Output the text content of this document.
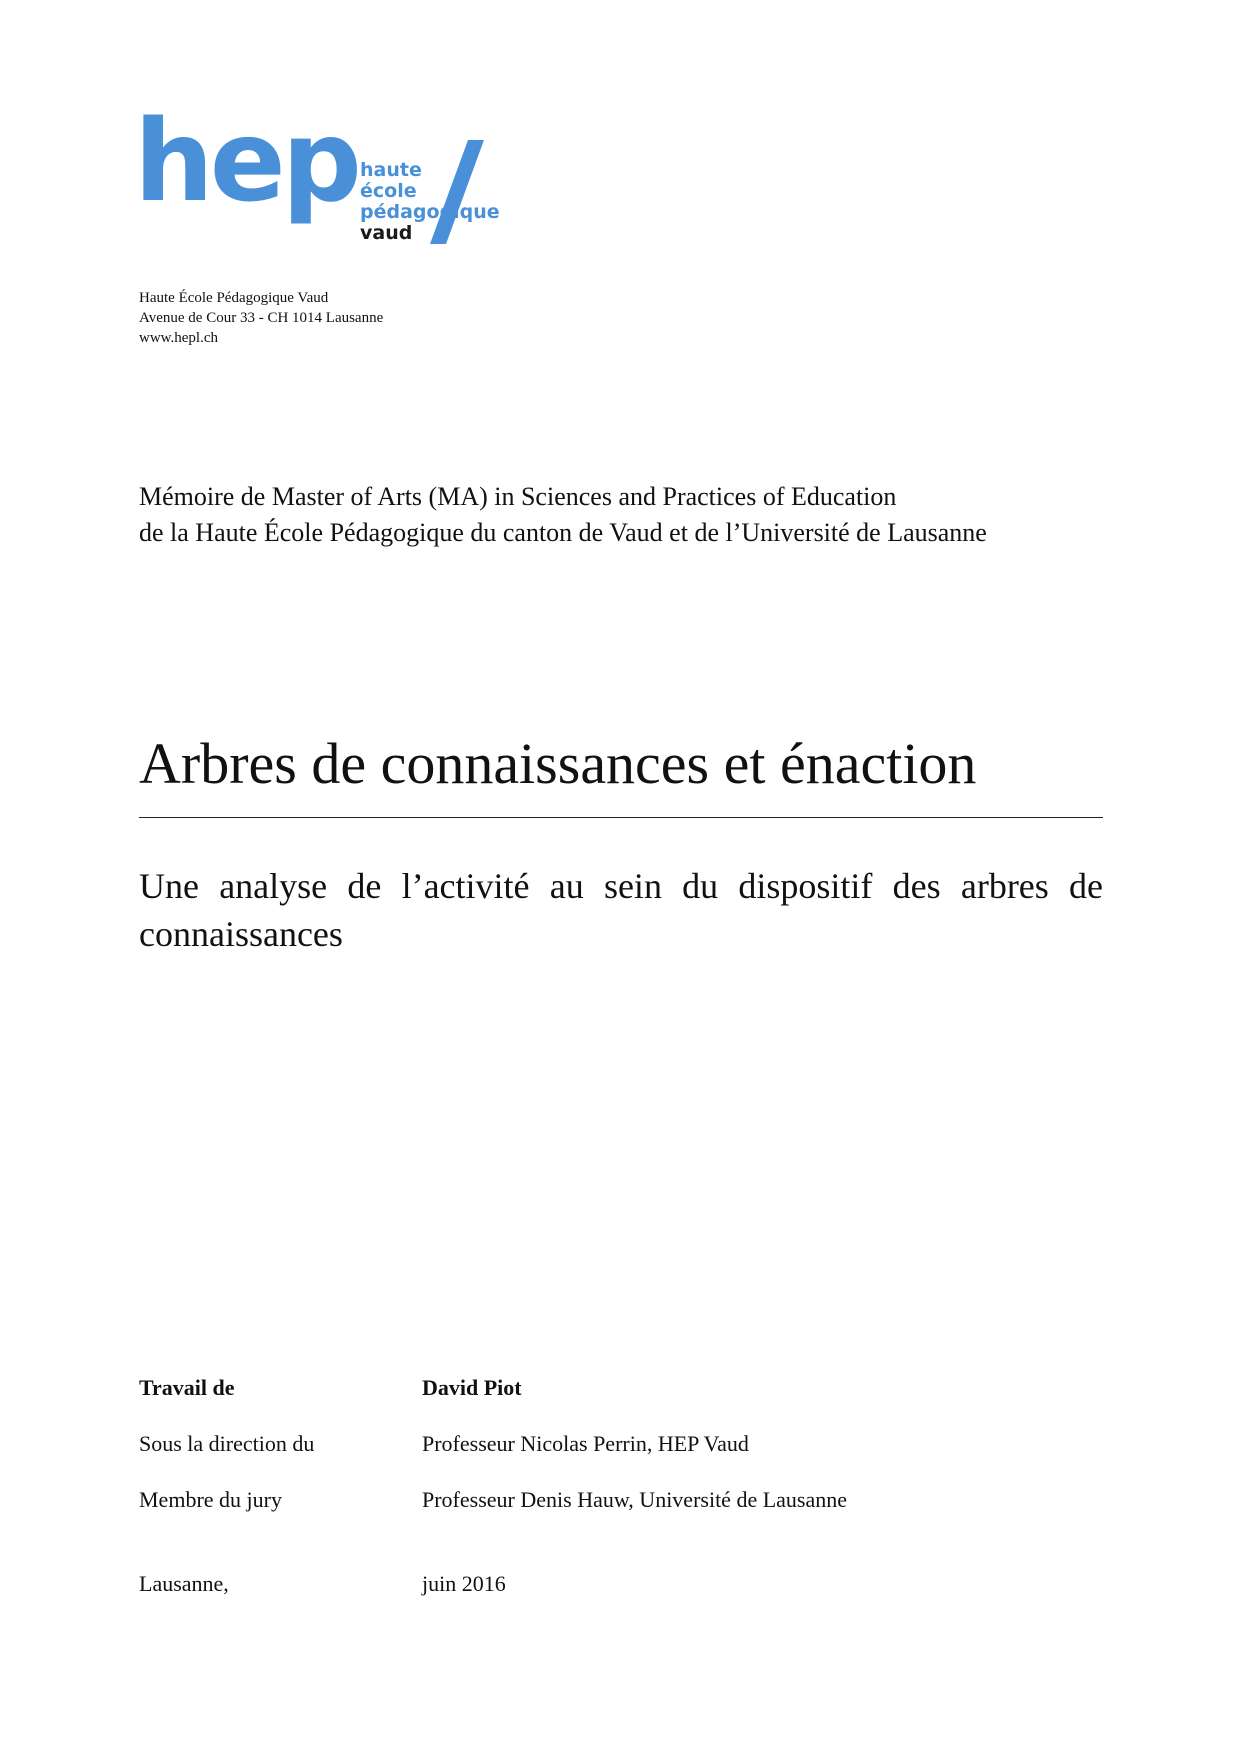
hep haute
école
pédagogique
vaud
Haute École Pédagogique Vaud
Avenue de Cour 33 - CH 1014 Lausanne
www.hepl.ch
Mémoire de Master of Arts (MA) in Sciences and Practices of Education
de la Haute École Pédagogique du canton de Vaud et de l’Université de Lausanne
Arbres de connaissances et énaction
Une analyse de l’activité au sein du dispositif des arbres de connaissances
Travail de	David Piot
Sous la direction du	Professeur Nicolas Perrin, HEP Vaud
Membre du jury	Professeur Denis Hauw, Université de Lausanne
Lausanne,	juin 2016
